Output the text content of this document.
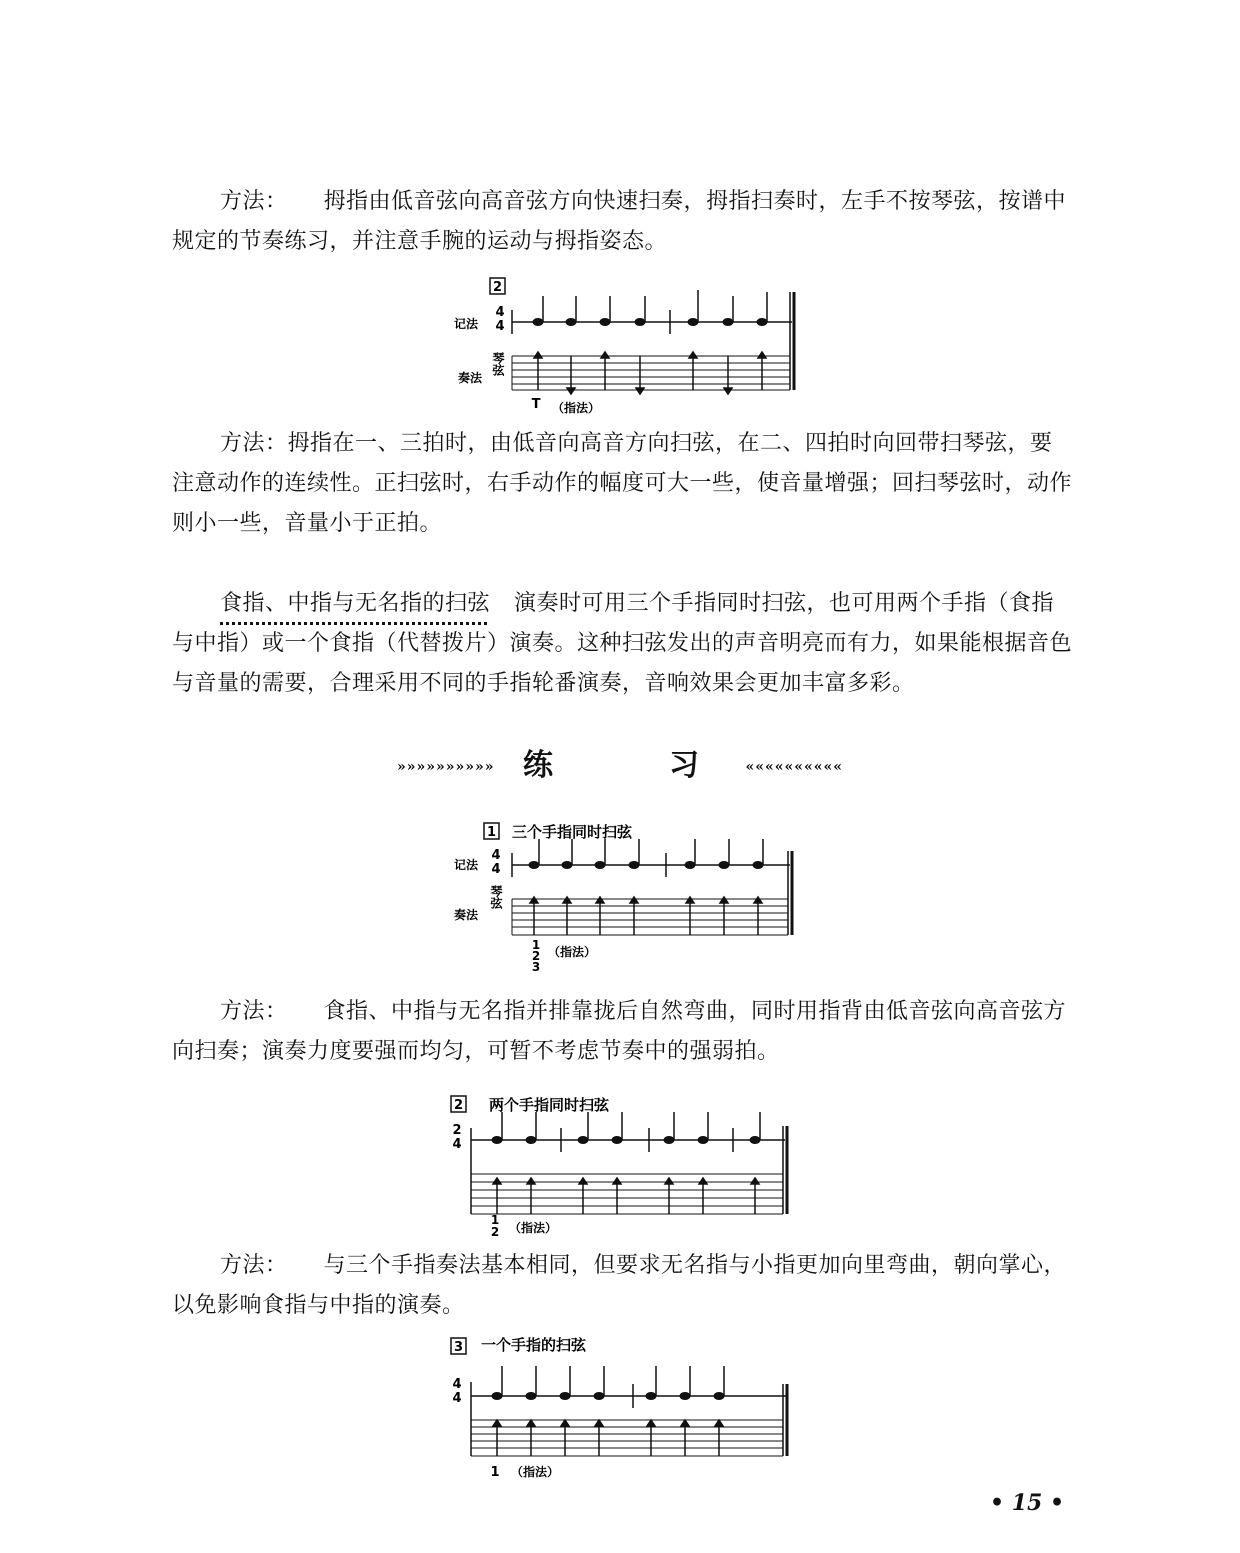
方法： 拇指由低音弦向高音弦方向快速扫奏，拇指扫奏时，左手不按琴弦，按谱中规定的节奏练习，并注意手腕的运动与拇指姿态。

2
记法
4
4
奏法
琴弦
T （指法）

方法：拇指在一、三拍时，由低音向高音方向扫弦，在二、四拍时向回带扫琴弦，要注意动作的连续性。正扫弦时，右手动作的幅度可大一些，使音量增强；回扫琴弦时，动作则小一些，音量小于正拍。

食指、中指与无名指的扫弦 演奏时可用三个手指同时扫弦，也可用两个手指（食指与中指）或一个食指（代替拨片）演奏。这种扫弦发出的声音明亮而有力，如果能根据音色与音量的需要，合理采用不同的手指轮番演奏，音响效果会更加丰富多彩。

»»»»»»»»»» 练 习	««««««««««
1 三个手指同时扫弦
记法
4
4
奏法
琴弦
1
2
3
（指法）

方法： 食指、中指与无名指并排靠拢后自然弯曲，同时用指背由低音弦向高音弦方向扫奏；演奏力度要强而均匀，可暂不考虑节奏中的强弱拍。

2 两个手指同时扫弦
2
4
1
2 （指法）

方法： 与三个手指奏法基本相同，但要求无名指与小指更加向里弯曲，朝向掌心，以免影响食指与中指的演奏。

3 一个手指的扫弦
4
4
1 （指法）
• 15 •
